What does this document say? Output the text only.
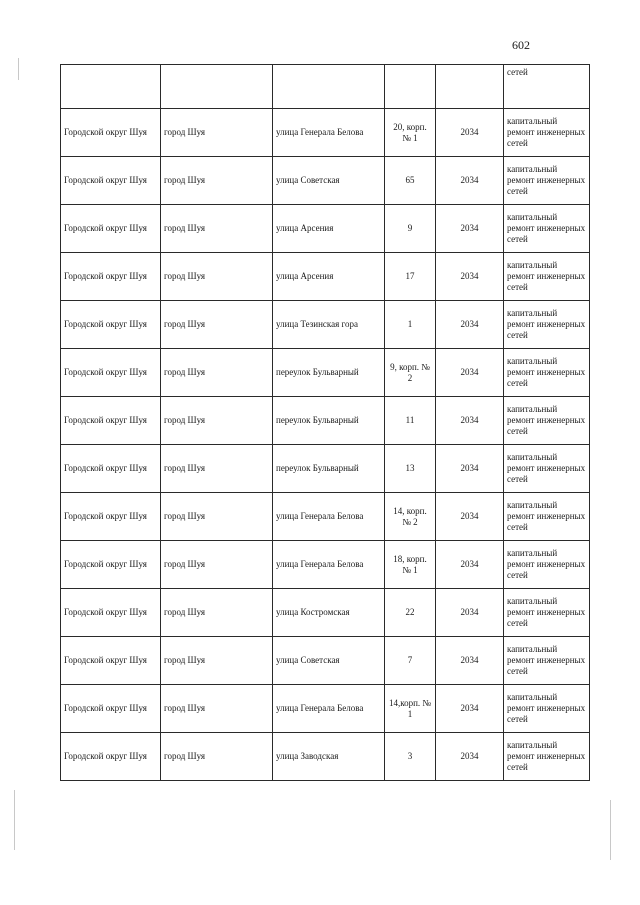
602
					сетей
Городской округ Шуя	город Шуя	улица Генерала Белова	20, корп. № 1	2034	капитальный ремонт инженерных сетей
Городской округ Шуя	город Шуя	улица Советская	65	2034	капитальный ремонт инженерных сетей
Городской округ Шуя	город Шуя	улица Арсения	9	2034	капитальный ремонт инженерных сетей
Городской округ Шуя	город Шуя	улица Арсения	17	2034	капитальный ремонт инженерных сетей
Городской округ Шуя	город Шуя	улица Тезинская гора	1	2034	капитальный ремонт инженерных сетей
Городской округ Шуя	город Шуя	переулок Бульварный	9, корп. № 2	2034	капитальный ремонт инженерных сетей
Городской округ Шуя	город Шуя	переулок Бульварный	11	2034	капитальный ремонт инженерных сетей
Городской округ Шуя	город Шуя	переулок Бульварный	13	2034	капитальный ремонт инженерных сетей
Городской округ Шуя	город Шуя	улица Генерала Белова	14, корп. № 2	2034	капитальный ремонт инженерных сетей
Городской округ Шуя	город Шуя	улица Генерала Белова	18, корп. № 1	2034	капитальный ремонт инженерных сетей
Городской округ Шуя	город Шуя	улица Костромская	22	2034	капитальный ремонт инженерных сетей
Городской округ Шуя	город Шуя	улица Советская	7	2034	капитальный ремонт инженерных сетей
Городской округ Шуя	город Шуя	улица Генерала Белова	14,корп. № 1	2034	капитальный ремонт инженерных сетей
Городской округ Шуя	город Шуя	улица Заводская	3	2034	капитальный ремонт инженерных сетей
